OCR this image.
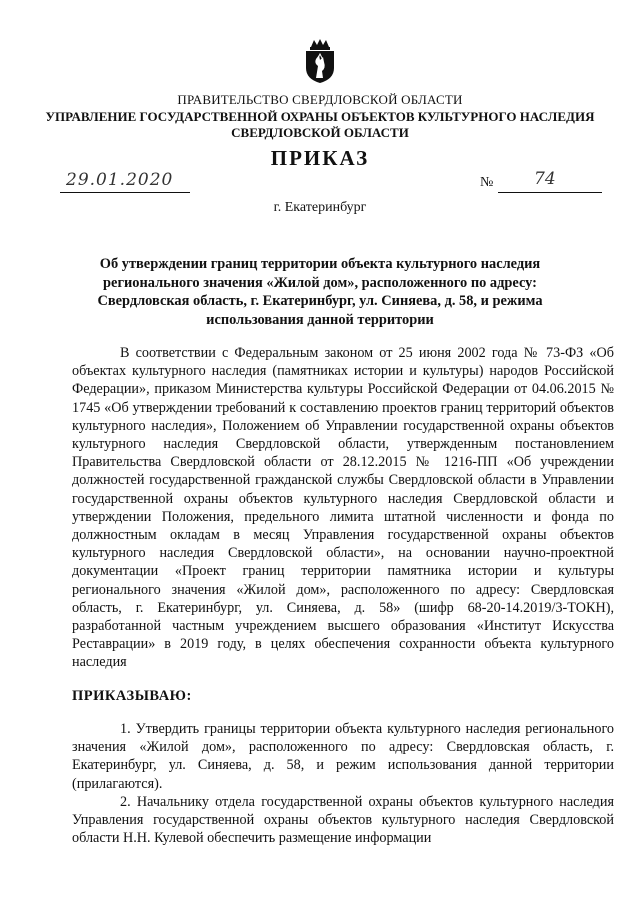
ПРАВИТЕЛЬСТВО СВЕРДЛОВСКОЙ ОБЛАСТИ
УПРАВЛЕНИЕ ГОСУДАРСТВЕННОЙ ОХРАНЫ ОБЪЕКТОВ КУЛЬТУРНОГО НАСЛЕДИЯ
СВЕРДЛОВСКОЙ ОБЛАСТИ
ПРИКАЗ
29.01.2020	№ 74
г. Екатеринбург
Об утверждении границ территории объекта культурного наследия
регионального значения «Жилой дом», расположенного по адресу:
Свердловская область, г. Екатеринбург, ул. Синяева, д. 58, и режима
использования данной территории

В соответствии с Федеральным законом от 25 июня 2002 года № 73-ФЗ «Об объектах культурного наследия (памятниках истории и культуры) народов Российской Федерации», приказом Министерства культуры Российской Федерации от 04.06.2015 № 1745 «Об утверждении требований к составлению проектов границ территорий объектов культурного наследия», Положением об Управлении государственной охраны объектов культурного наследия Свердловской области, утвержденным постановлением Правительства Свердловской области от 28.12.2015 № 1216-ПП «Об учреждении должностей государственной гражданской службы Свердловской области в Управлении государственной охраны объектов культурного наследия Свердловской области и утверждении Положения, предельного лимита штатной численности и фонда по должностным окладам в месяц Управления государственной охраны объектов культурного наследия Свердловской области», на основании научно-проектной документации «Проект границ территории памятника истории и культуры регионального значения «Жилой дом», расположенного по адресу: Свердловская область, г. Екатеринбург, ул. Синяева, д. 58» (шифр 68-20-14.2019/3-ТОКН), разработанной частным учреждением высшего образования «Институт Искусства Реставрации» в 2019 году, в целях обеспечения сохранности объекта культурного наследия

ПРИКАЗЫВАЮ:

1. Утвердить границы территории объекта культурного наследия регионального значения «Жилой дом», расположенного по адресу: Свердловская область, г. Екатеринбург, ул. Синяева, д. 58, и режим использования данной территории (прилагаются).

2. Начальнику отдела государственной охраны объектов культурного наследия Управления государственной охраны объектов культурного наследия Свердловской области Н.Н. Кулевой обеспечить размещение информации
